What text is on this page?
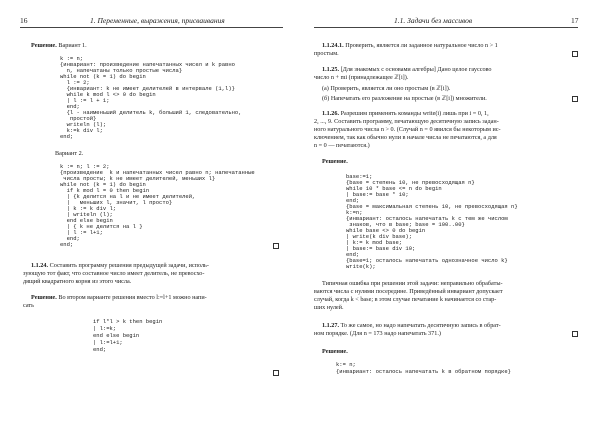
16	1. Переменные, выражения, присваивания
Решение. Вариант 1.
k := n;
{инвариант: произведение напечатанных чисел и k равно
n, напечатаны только простые числа}
while not (k = 1) do begin
l := 2;
{инвариант: k не имеет делителей в интервале (1,l)}
while k mod l <> 0 do begin
| l := l + 1;
end;
{l - наименьший делитель k, больший 1, следовательно,
простой}
writeln (l);
k:=k div l;
end;
Вариант 2.
k := n; l := 2;
{произведение  k и напечатанных чисел равно n; напечатанные
числа просты; k не имеет делителей, меньших l}
while not (k = 1) do begin
if k mod l = 0 then begin
| {k делится на l и не имеет делителей,
|   меньших l, значит, l просто}
| k := k div l;
| writeln (l);
end else begin
| { k не делится на l }
| l := l+1;
end;
end;
1.1.24. Составить программу решения предыдущей задачи, исполь-
зующую тот факт, что составное число имеет делитель, не превосхо-
дящий квадратного корня из этого числа.
Решение. Во втором варианте решения вместо l:=l+1 можно напи-
сать
if l*l > k then begin
| l:=k;
end else begin
| l:=l+1;
end;
1.1. Задачи без массивов	17
1.1.24.1. Проверить, является ли заданное натуральное число n > 1
простым.
1.1.25. [Для знакомых с основами алгебры] Дано целое гауссово
число n + mi (принадлежащее ℤ[i]).
(а) Проверить, является ли оно простым (в ℤ[i]).
(б) Напечатать его разложение на простые (в ℤ[i]) множители.
1.1.26. Разрешим применять команды write(i) лишь при i = 0, 1,
2, ..., 9. Составить программу, печатающую десятичную запись задан-
ного натурального числа n > 0. (Случай n = 0 явился бы некоторым ис-
ключением, так как обычно нули в начале числа не печатаются, а для
n = 0 — печатаются.)
Решение.
base:=1;
{base = степень 10, не превосходящая n}
while 10 * base <= n do begin
| base:= base * 10;
end;
{base = максимальная степень 10, не превосходящая n}
k:=n;
{инвариант: осталось напечатать k с тем же числом
знаков, что в base; base = 100..00}
while base <> 0 do begin
| write(k div base);
| k:= k mod base;
| base:= base div 10;
end;
{base=1; осталось напечатать однозначное число k}
write(k);
Типичная ошибка при решении этой задачи: неправильно обрабаты-
ваются числа с нулями посередине. Приведённый инвариант допускает
случай, когда k < base; в этом случае печатание k начинается со стар-
ших нулей.
1.1.27. То же самое, но надо напечатать десятичную запись в обрат-
ном порядке. (Для n = 173 надо напечатать 371.)
Решение.
k:= n;
{инвариант: осталось напечатать k в обратном порядке}
